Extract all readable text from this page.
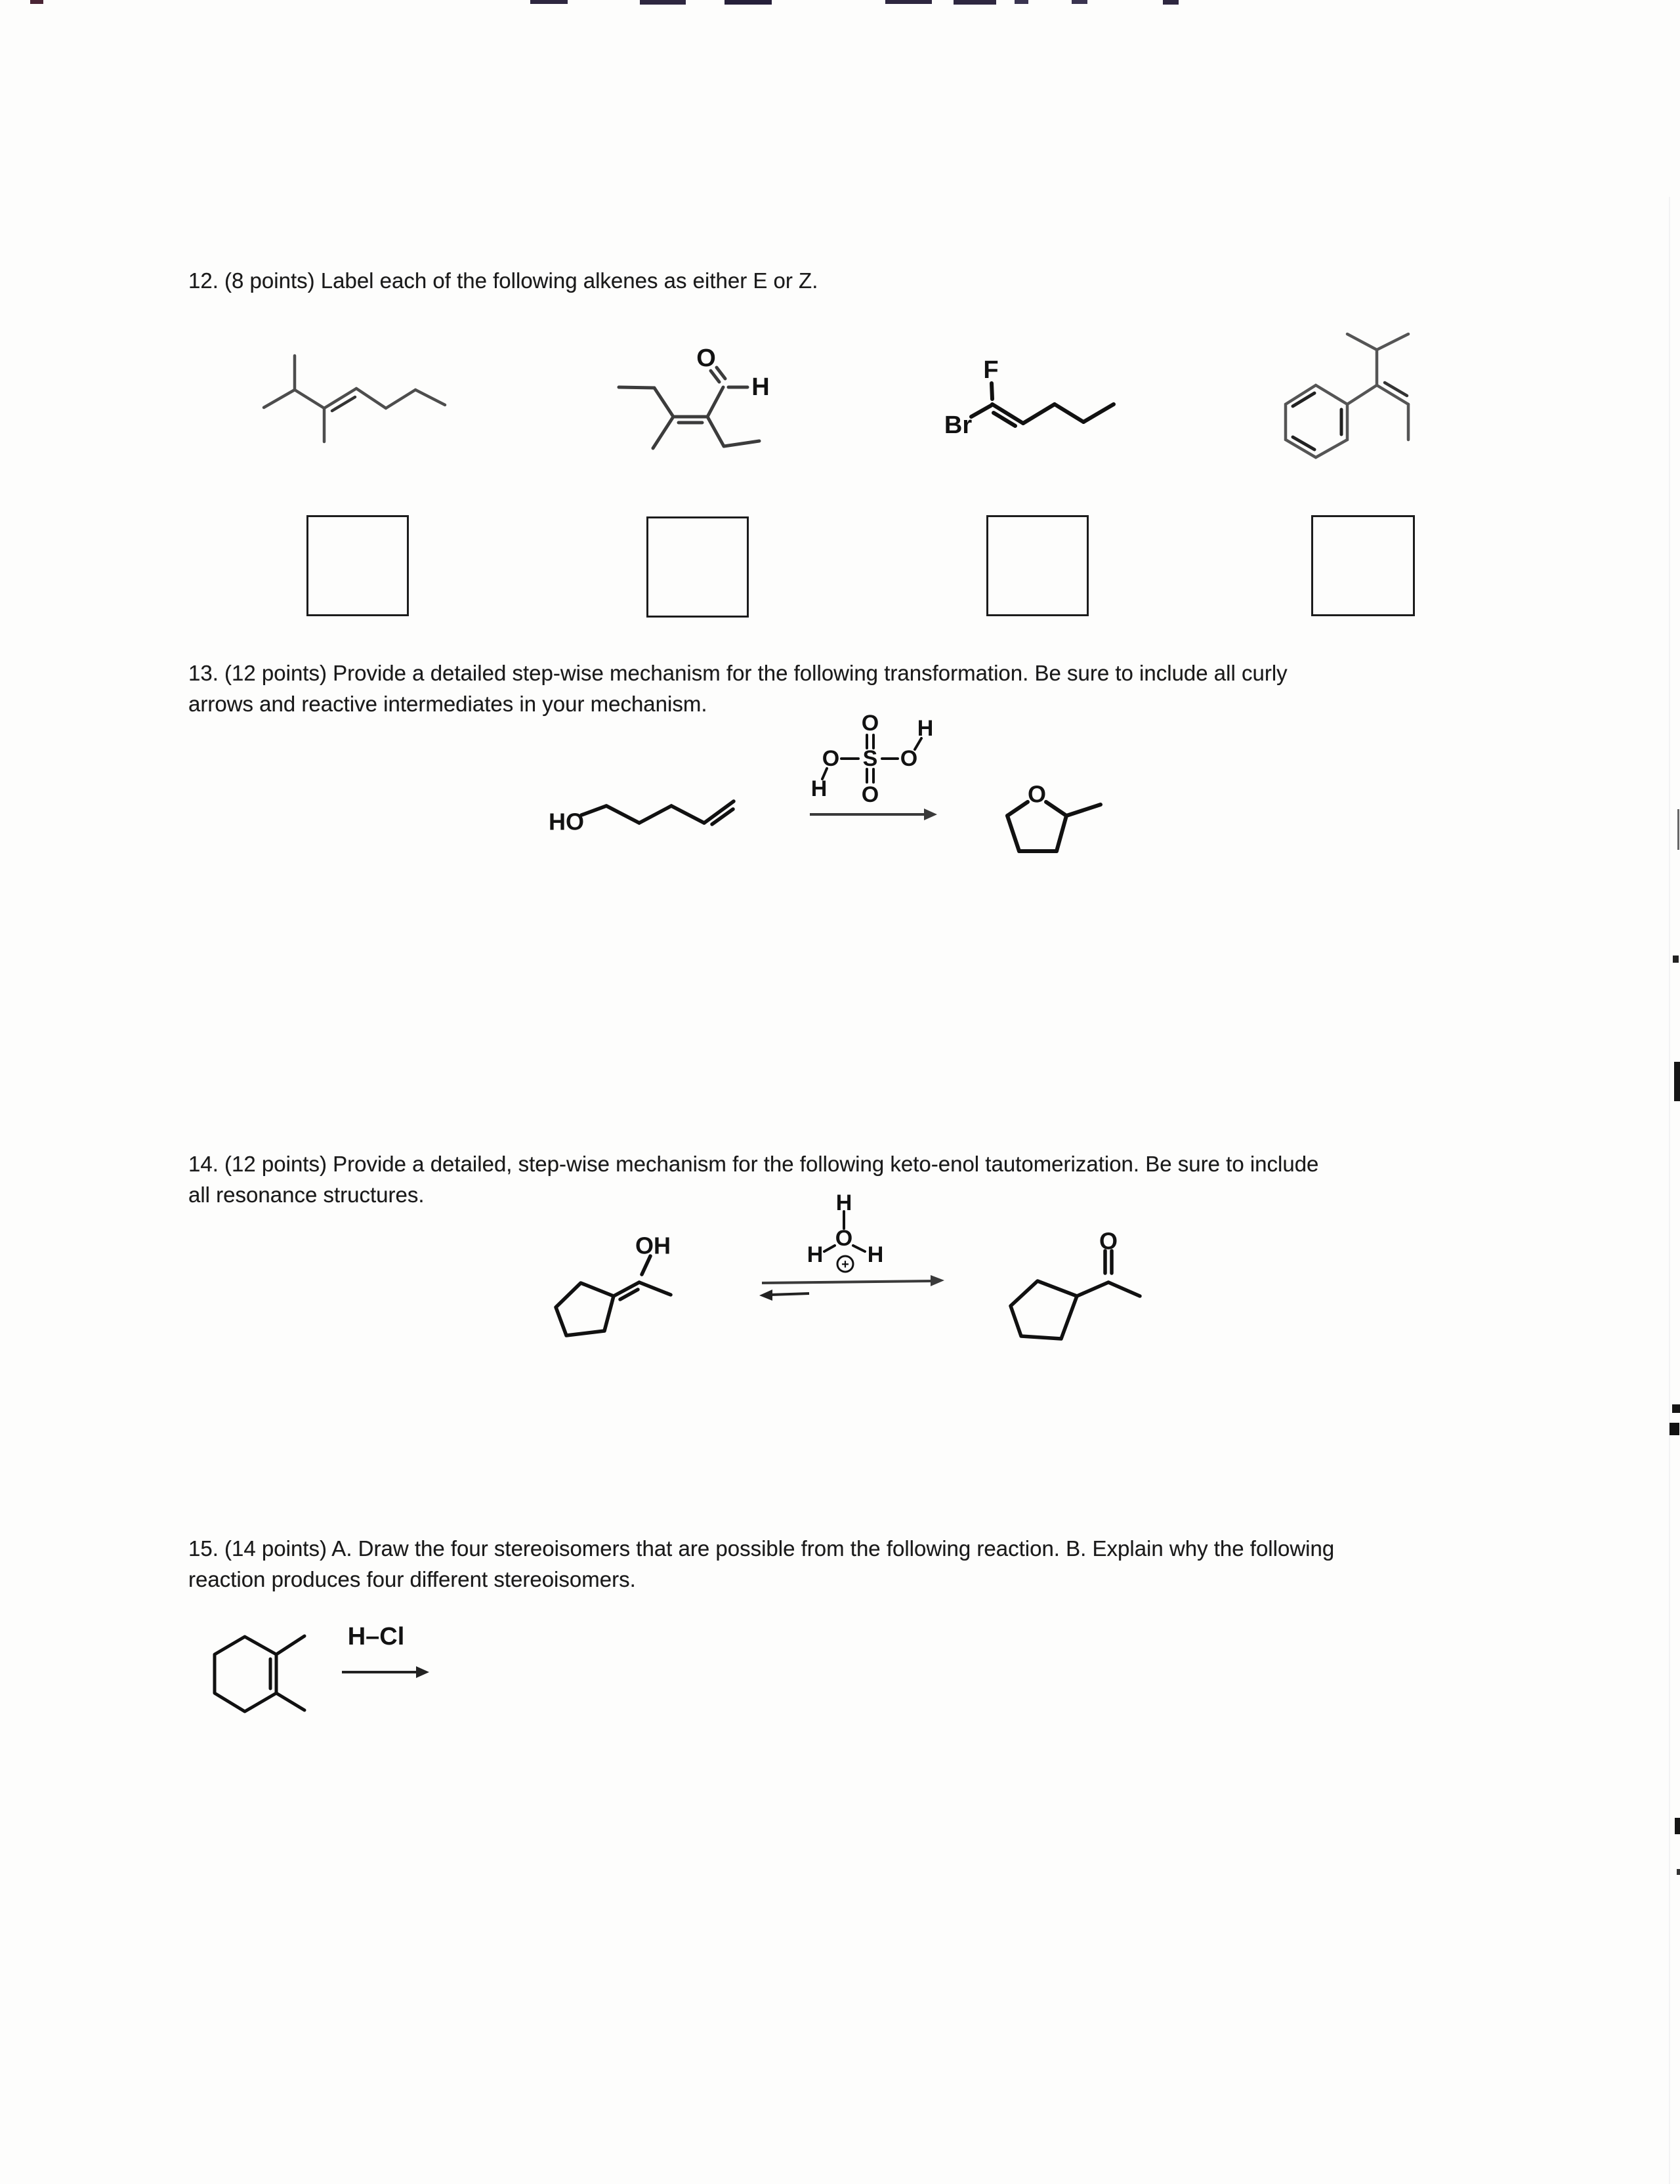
12. (8 points) Label each of the following alkenes as either E or Z.
O
H
Br
F
13. (12 points) Provide a detailed step-wise mechanism for the following transformation. Be sure to include all curly
arrows and reactive intermediates in your mechanism.
HO
O H
O S O
H O	O
14. (12 points) Provide a detailed, step-wise mechanism for the following keto-enol tautomerization. Be sure to include
all resonance structures.
OH
H
O
H H
+
O
15. (14 points) A. Draw the four stereoisomers that are possible from the following reaction. B. Explain why the following
reaction produces four different stereoisomers.
H–Cl
